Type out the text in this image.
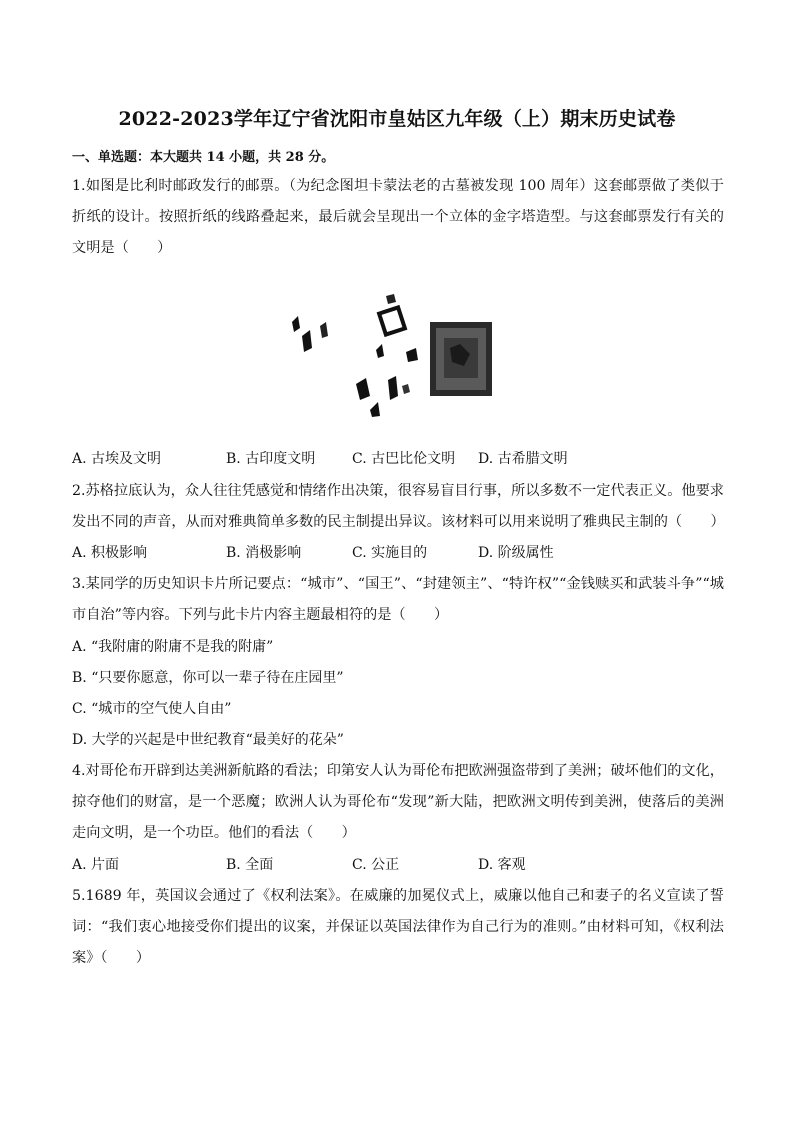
2022-2023学年辽宁省沈阳市皇姑区九年级（上）期末历史试卷
一、单选题：本大题共 14 小题，共 28 分。
1.如图是比利时邮政发行的邮票。（为纪念图坦卡蒙法老的古墓被发现 100 周年）这套邮票做了类似于折纸的设计。按照折纸的线路叠起来，最后就会呈现出一个立体的金字塔造型。与这套邮票发行有关的文明是（　　）
A. 古埃及文明	B. 古印度文明	C. 古巴比伦文明 D. 古希腊文明
2.苏格拉底认为，众人往往凭感觉和情绪作出决策，很容易盲目行事，所以多数不一定代表正义。他要求发出不同的声音，从而对雅典简单多数的民主制提出异议。该材料可以用来说明了雅典民主制的（　　）
A. 积极影响	B. 消极影响	C. 实施目的	D. 阶级属性
3.某同学的历史知识卡片所记要点：“城市”、“国王”、“封建领主”、“特许权”“金钱赎买和武装斗争”“城市自治”等内容。下列与此卡片内容主题最相符的是（　　）
A. “我附庸的附庸不是我的附庸”
B. “只要你愿意，你可以一辈子待在庄园里”
C. “城市的空气使人自由”
D. 大学的兴起是中世纪教育“最美好的花朵”
4.对哥伦布开辟到达美洲新航路的看法；印第安人认为哥伦布把欧洲强盗带到了美洲；破坏他们的文化，掠夺他们的财富，是一个恶魔；欧洲人认为哥伦布“发现”新大陆，把欧洲文明传到美洲，使落后的美洲走向文明，是一个功臣。他们的看法（　　）
A. 片面	B. 全面	C. 公正	D. 客观
5.1689 年，英国议会通过了《权利法案》。在威廉的加冕仪式上，威廉以他自己和妻子的名义宣读了誓词：“我们衷心地接受你们提出的议案，并保证以英国法律作为自己行为的准则。”由材料可知，《权利法案》（　　）
